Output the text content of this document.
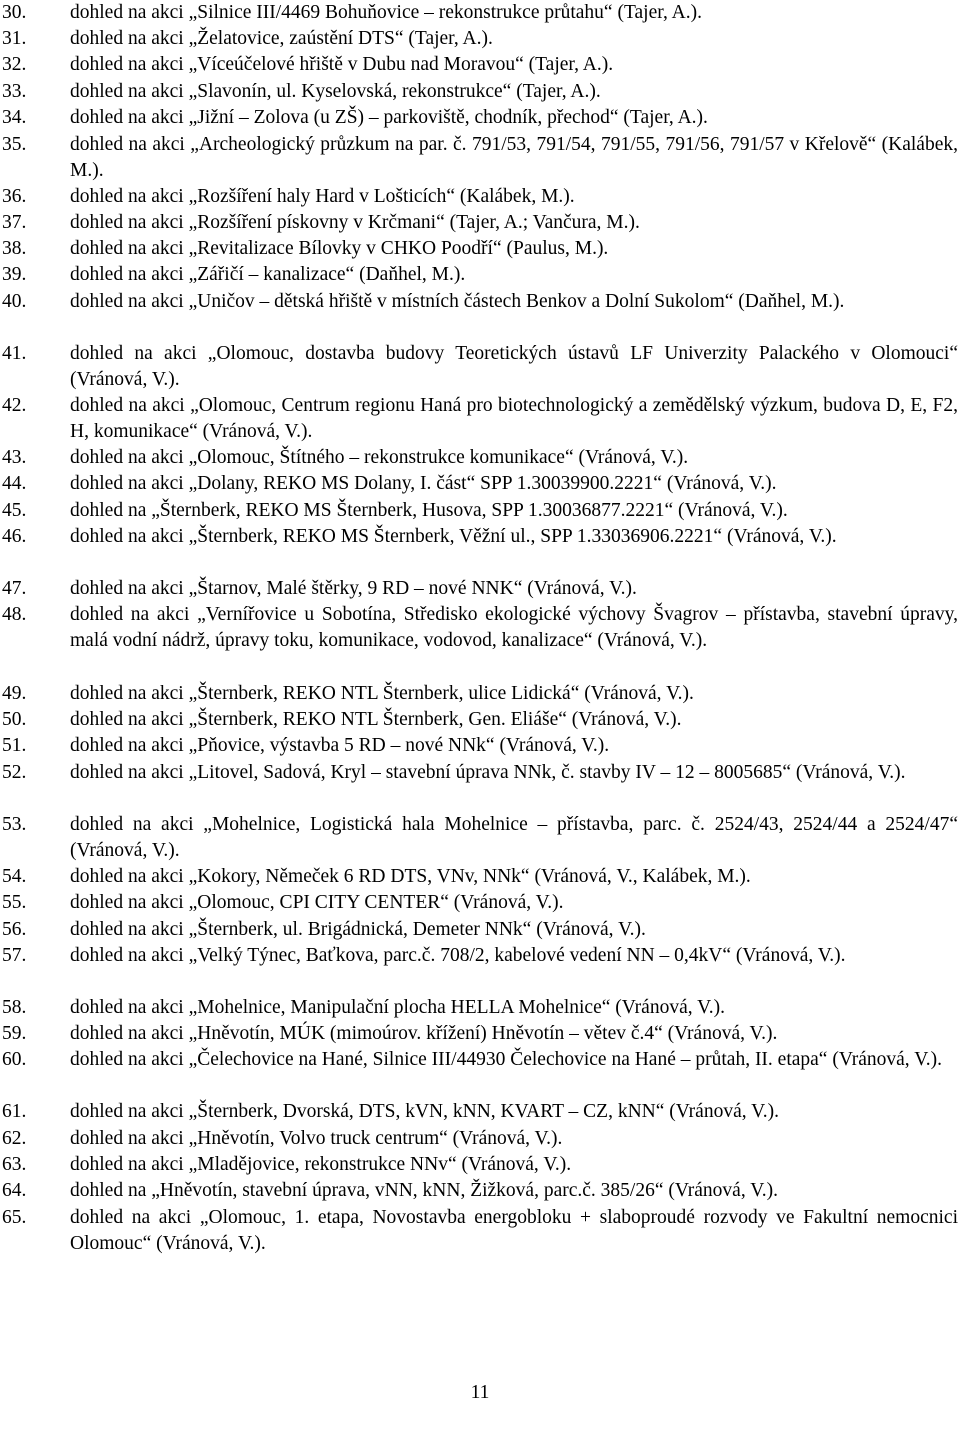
30.	dohled na akci „Silnice III/4469 Bohuňovice – rekonstrukce průtahu“ (Tajer, A.).
31.	dohled na akci „Želatovice, zaústění DTS“ (Tajer, A.).
32.	dohled na akci „Víceúčelové hřiště v Dubu nad Moravou“ (Tajer, A.).
33.	dohled na akci „Slavonín, ul. Kyselovská, rekonstrukce“ (Tajer, A.).
34.	dohled na akci „Jižní – Zolova (u ZŠ) – parkoviště, chodník, přechod“ (Tajer, A.).
35.	dohled na akci „Archeologický průzkum na par. č. 791/53, 791/54, 791/55, 791/56, 791/57 v Křelově“ (Kalábek, M.).
36.	dohled na akci „Rozšíření haly Hard v Lošticích“ (Kalábek, M.).
37.	dohled na akci „Rozšíření pískovny v Krčmani“ (Tajer, A.; Vančura, M.).
38.	dohled na akci „Revitalizace Bílovky v CHKO Poodří“ (Paulus, M.).
39.	dohled na akci „Zářičí – kanalizace“ (Daňhel, M.).
40.	dohled na akci „Uničov – dětská hřiště v místních částech Benkov a Dolní Sukolom“ (Daňhel, M.).
41.	dohled na akci „Olomouc, dostavba budovy Teoretických ústavů LF Univerzity Palackého v Olomouci“ (Vránová, V.).
42.	dohled na akci „Olomouc, Centrum regionu Haná pro biotechnologický a zemědělský výzkum, budova D, E, F2, H, komunikace“ (Vránová, V.).
43.	dohled na akci „Olomouc, Štítného – rekonstrukce komunikace“ (Vránová, V.).
44.	dohled na akci „Dolany, REKO MS Dolany, I. část“ SPP 1.30039900.2221“ (Vránová, V.).
45.	dohled na „Šternberk, REKO MS Šternberk, Husova, SPP 1.30036877.2221“ (Vránová, V.).
46.	dohled na akci „Šternberk, REKO MS Šternberk, Věžní ul., SPP 1.33036906.2221“ (Vránová, V.).
47.	dohled na akci „Štarnov, Malé štěrky, 9 RD – nové NNK“ (Vránová, V.).
48.	dohled na akci „Vernířovice u Sobotína, Středisko ekologické výchovy Švagrov – přístavba, stavební úpravy, malá vodní nádrž, úpravy toku, komunikace, vodovod, kanalizace“ (Vránová, V.).
49.	dohled na akci „Šternberk, REKO NTL Šternberk, ulice Lidická“ (Vránová, V.).
50.	dohled na akci „Šternberk, REKO NTL Šternberk, Gen. Eliáše“ (Vránová, V.).
51.	dohled na akci „Pňovice, výstavba 5 RD – nové NNk“ (Vránová, V.).
52.	dohled na akci „Litovel, Sadová, Kryl – stavební úprava NNk, č. stavby IV – 12 – 8005685“ (Vránová, V.).
53.	dohled na akci „Mohelnice, Logistická hala Mohelnice – přístavba, parc. č. 2524/43, 2524/44 a 2524/47“ (Vránová, V.).
54.	dohled na akci „Kokory, Němeček 6 RD DTS, VNv, NNk“ (Vránová, V., Kalábek, M.).
55.	dohled na akci „Olomouc, CPI CITY CENTER“ (Vránová, V.).
56.	dohled na akci „Šternberk, ul. Brigádnická, Demeter NNk“ (Vránová, V.).
57.	dohled na akci „Velký Týnec, Baťkova, parc.č. 708/2, kabelové vedení NN – 0,4kV“ (Vránová, V.).
58.	dohled na akci „Mohelnice, Manipulační plocha HELLA Mohelnice“ (Vránová, V.).
59.	dohled na akci „Hněvotín, MÚK (mimoúrov. křížení) Hněvotín – větev č.4“ (Vránová, V.).
60.	dohled na akci „Čelechovice na Hané, Silnice III/44930 Čelechovice na Hané – průtah, II. etapa“ (Vránová, V.).
61.	dohled na akci „Šternberk, Dvorská, DTS, kVN, kNN, KVART – CZ, kNN“ (Vránová, V.).
62.	dohled na akci „Hněvotín, Volvo truck centrum“ (Vránová, V.).
63.	dohled na akci „Mladějovice, rekonstrukce NNv“ (Vránová, V.).
64.	dohled na „Hněvotín, stavební úprava, vNN, kNN, Žižková, parc.č. 385/26“ (Vránová, V.).
65.	dohled na akci „Olomouc, 1. etapa, Novostavba energobloku + slaboproudé rozvody ve Fakultní nemocnici Olomouc“ (Vránová, V.).
11
